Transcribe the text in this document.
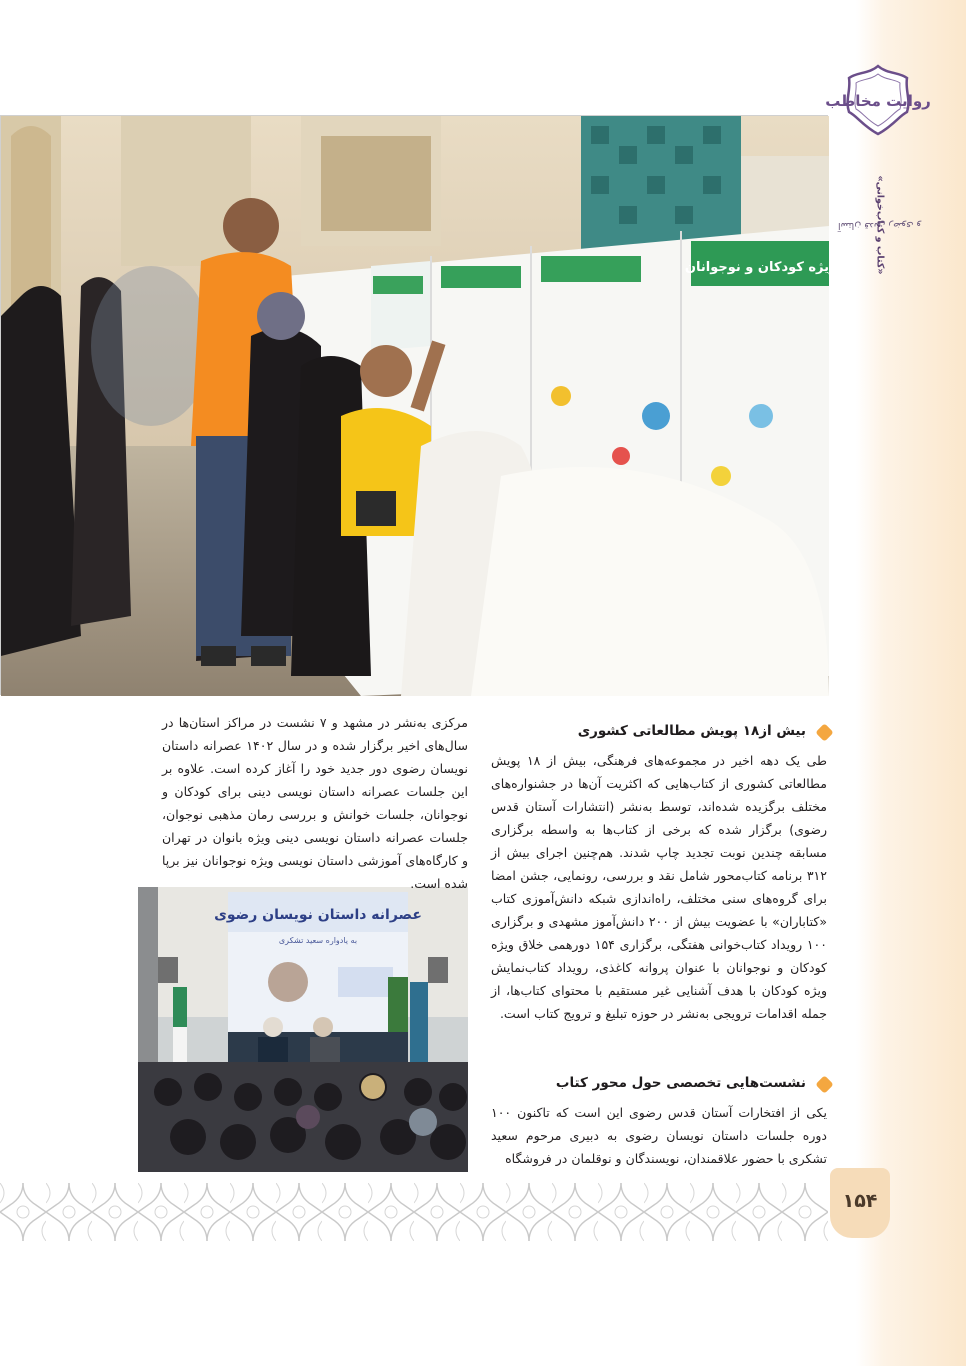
روایت مخاطب
آستان قدس رضوی و
«کتاب و کتاب‌خوانی»
ویژه کودکان و نوجوانان
عصرانه داستان نویسان رضوی
به یادواره سعید تشکری
بیش از۱۸ پویش مطالعاتی کشوری
طی یک دهه اخیر در مجموعه‌های فرهنگی، بیش از ۱۸ پویش مطالعاتی کشوری از کتاب‌هایی که اکثریت آن‌ها در جشنواره‌های مختلف برگزیده شده‌اند، توسط به‌نشر (انتشارات آستان قدس رضوی) برگزار شده که برخی از کتاب‌ها به واسطه برگزاری مسابقه چندین نوبت تجدید چاپ شدند. هم‌چنین اجرای بیش از ۳۱۲ برنامه کتاب‌محور شامل نقد و بررسی، رونمایی، جشن امضا برای گروه‌های سنی مختلف، راه‌اندازی شبکه دانش‌آموزی کتاب «کتاباران» با عضویت بیش از ۲۰۰ دانش‌آموز مشهدی و برگزاری ۱۰۰ رویداد کتاب‌خوانی هفتگی، برگزاری ۱۵۴ دورهمی خلاق ویژه کودکان و نوجوانان با عنوان پروانه کاغذی، رویداد کتاب‌نمایش ویژه کودکان با هدف آشنایی غیر مستقیم با محتوای کتاب‌ها، از جمله اقدامات ترویجی به‌نشر در حوزه تبلیغ و ترویج کتاب است.
نشست‌هایی تخصصی حول محور کتاب
یکی از افتخارات آستان قدس رضوی این است که تاکنون ۱۰۰ دوره جلسات داستان نویسان رضوی به دبیری مرحوم سعید تشکری با حضور علاقمندان، نویسندگان و نوقلمان در فروشگاه
مرکزی به‌نشر در مشهد و ۷ نشست در مراکز استان‌ها در سال‌های اخیر برگزار شده و در سال ۱۴۰۲ عصرانه داستان نویسان رضوی دور جدید خود را آغاز کرده است. علاوه بر این جلسات عصرانه داستان نویسی دینی برای کودکان و نوجوانان، جلسات خوانش و بررسی رمان مذهبی نوجوان، جلسات عصرانه داستان نویسی دینی ویژه بانوان در تهران و کارگاه‌های آموزشی داستان نویسی ویژه نوجوانان نیز برپا شده است.
۱۵۴
